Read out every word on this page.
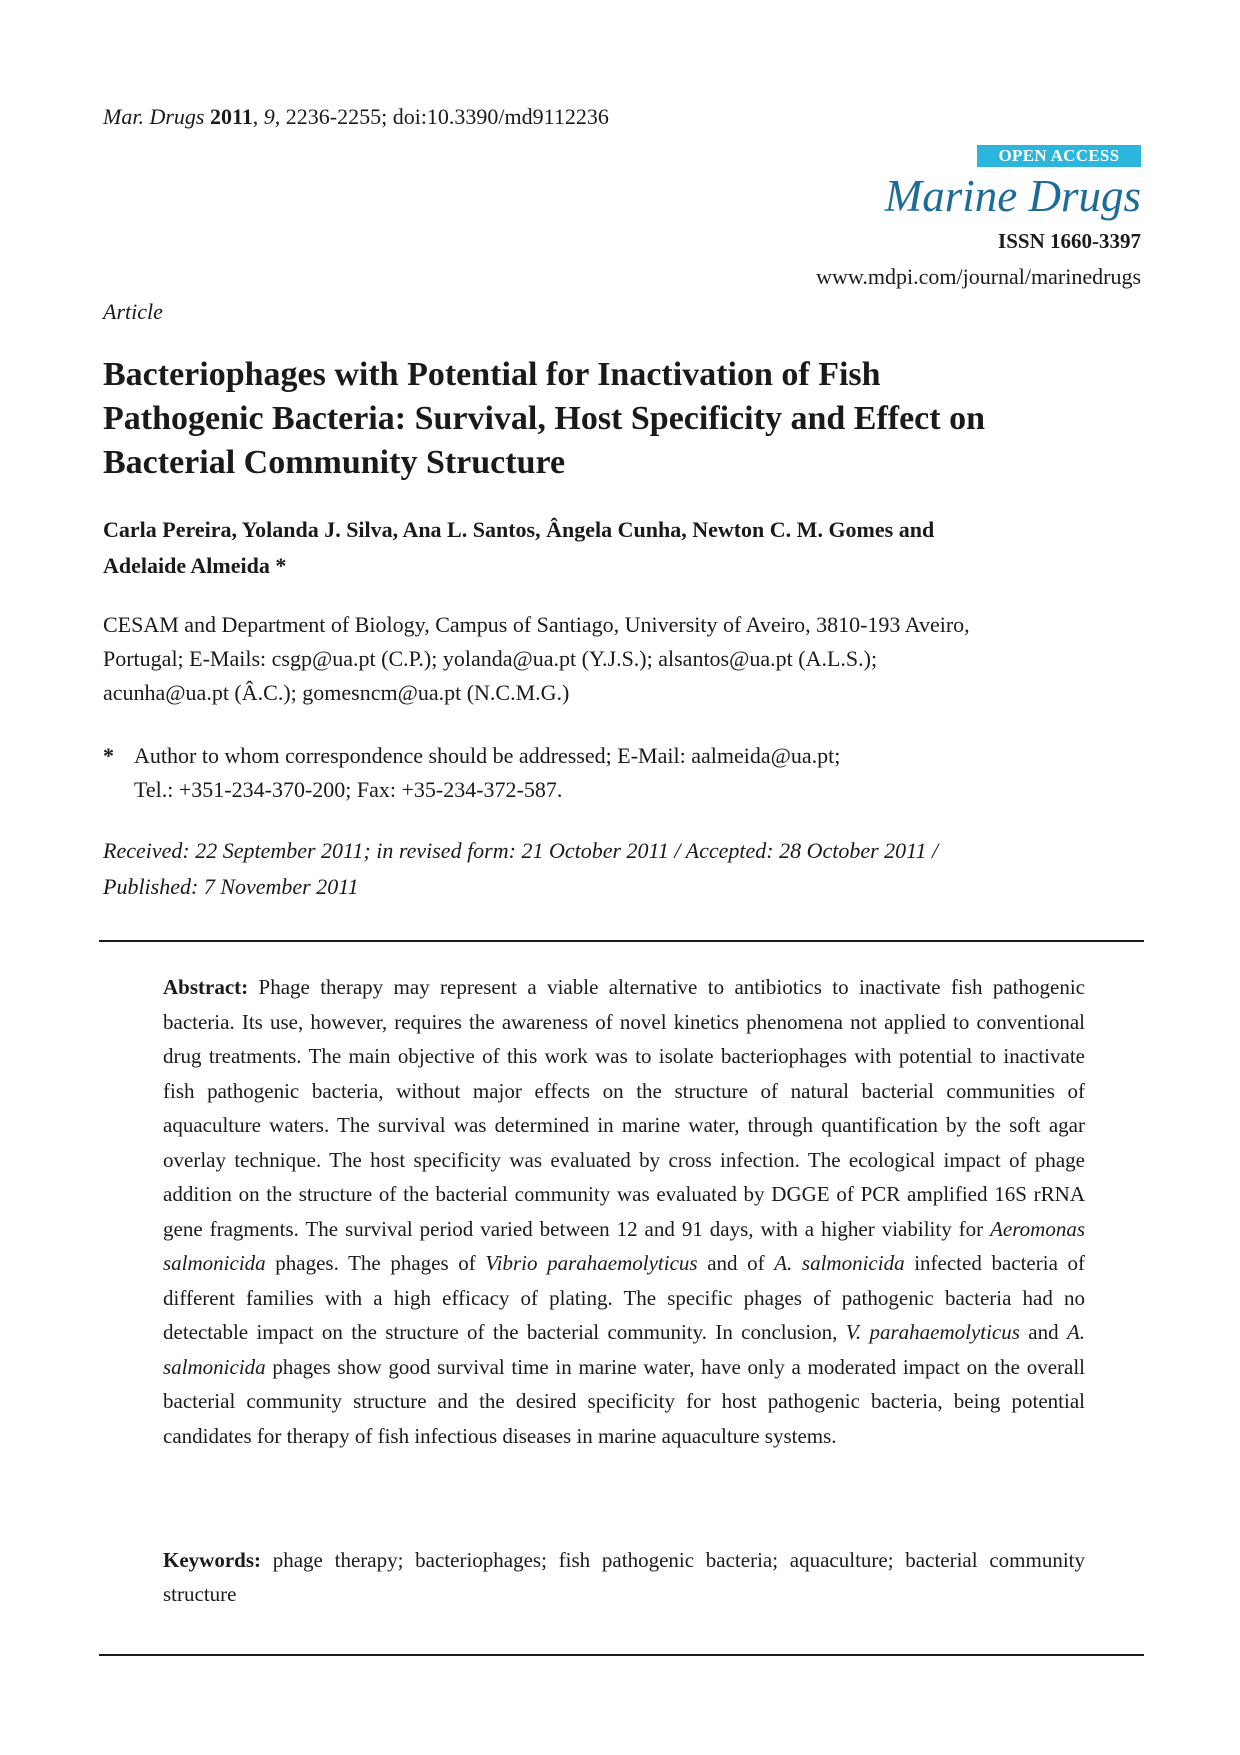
Mar. Drugs 2011, 9, 2236-2255; doi:10.3390/md9112236
OPEN ACCESS
Marine Drugs
ISSN 1660-3397
www.mdpi.com/journal/marinedrugs
Article
Bacteriophages with Potential for Inactivation of Fish
Pathogenic Bacteria: Survival, Host Specificity and Effect on
Bacterial Community Structure
Carla Pereira, Yolanda J. Silva, Ana L. Santos, Ângela Cunha, Newton C. M. Gomes and
Adelaide Almeida *
CESAM and Department of Biology, Campus of Santiago, University of Aveiro, 3810-193 Aveiro,
Portugal; E-Mails: csgp@ua.pt (C.P.); yolanda@ua.pt (Y.J.S.); alsantos@ua.pt (A.L.S.);
acunha@ua.pt (Â.C.); gomesncm@ua.pt (N.C.M.G.)
* Author to whom correspondence should be addressed; E-Mail: aalmeida@ua.pt;
Tel.: +351-234-370-200; Fax: +35-234-372-587.
Received: 22 September 2011; in revised form: 21 October 2011 / Accepted: 28 October 2011 /
Published: 7 November 2011
Abstract: Phage therapy may represent a viable alternative to antibiotics to inactivate fish pathogenic bacteria. Its use, however, requires the awareness of novel kinetics phenomena not applied to conventional drug treatments. The main objective of this work was to isolate bacteriophages with potential to inactivate fish pathogenic bacteria, without major effects on the structure of natural bacterial communities of aquaculture waters. The survival was determined in marine water, through quantification by the soft agar overlay technique. The host specificity was evaluated by cross infection. The ecological impact of phage addition on the structure of the bacterial community was evaluated by DGGE of PCR amplified 16S rRNA gene fragments. The survival period varied between 12 and 91 days, with a higher viability for Aeromonas salmonicida phages. The phages of Vibrio parahaemolyticus and of A. salmonicida infected bacteria of different families with a high efficacy of plating. The specific phages of pathogenic bacteria had no detectable impact on the structure of the bacterial community. In conclusion, V. parahaemolyticus and A. salmonicida phages show good survival time in marine water, have only a moderated impact on the overall bacterial community structure and the desired specificity for host pathogenic bacteria, being potential candidates for therapy of fish infectious diseases in marine aquaculture systems.
Keywords: phage therapy; bacteriophages; fish pathogenic bacteria; aquaculture; bacterial community structure
